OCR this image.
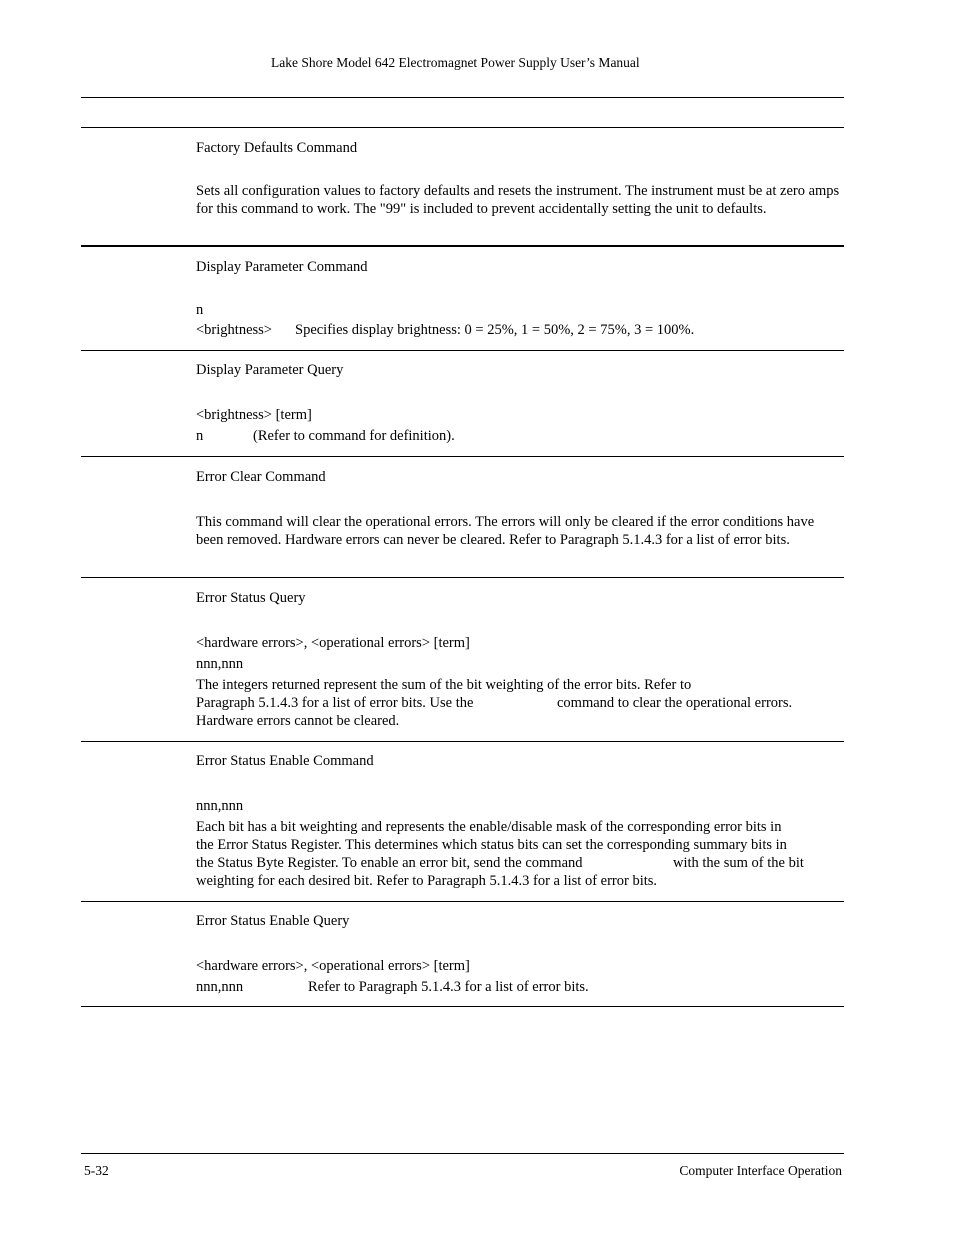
Lake Shore Model 642 Electromagnet Power Supply User’s Manual
Factory Defaults Command
Sets all configuration values to factory defaults and resets the instrument. The instrument must be at zero amps for this command to work. The "99" is included to prevent accidentally setting the unit to defaults.
Display Parameter Command
n
<brightness> Specifies display brightness: 0 = 25%, 1 = 50%, 2 = 75%, 3 = 100%.
Display Parameter Query
<brightness> [term]
n	(Refer to command for definition).
Error Clear Command
This command will clear the operational errors. The errors will only be cleared if the error conditions have been removed. Hardware errors can never be cleared. Refer to Paragraph 5.1.4.3 for a list of error bits.
Error Status Query
<hardware errors>, <operational errors> [term]
nnn,nnn
The integers returned represent the sum of the bit weighting of the error bits. Refer to
Paragraph 5.1.4.3 for a list of error bits. Use the	command to clear the operational errors.
Hardware errors cannot be cleared.
Error Status Enable Command
nnn,nnn
Each bit has a bit weighting and represents the enable/disable mask of the corresponding error bits in
the Error Status Register. This determines which status bits can set the corresponding summary bits in
the Status Byte Register. To enable an error bit, send the command	with the sum of the bit
weighting for each desired bit. Refer to Paragraph 5.1.4.3 for a list of error bits.
Error Status Enable Query
<hardware errors>, <operational errors> [term]
nnn,nnn	Refer to Paragraph 5.1.4.3 for a list of error bits.
5-32	Computer Interface Operation
